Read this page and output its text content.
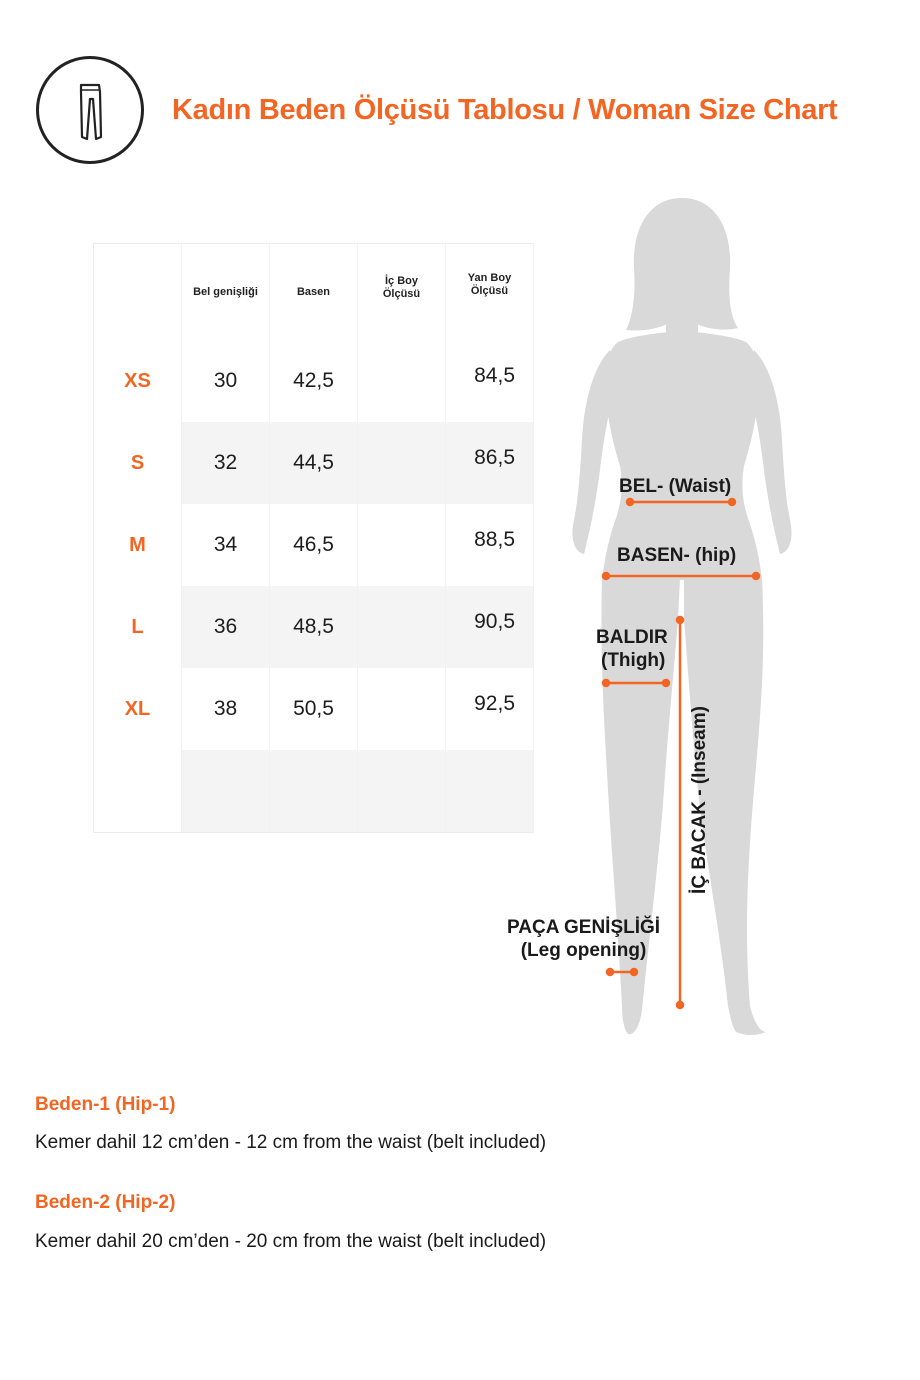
Kadın Beden Ölçüsü Tablosu / Woman Size Chart
	Bel genişliği	Basen	İç Boy Ölçüsü	Yan Boy Ölçüsü
XS	30	42,5		84,5
S	32	44,5		86,5
M	34	46,5		88,5
L	36	48,5		90,5
XL	38	50,5		92,5

BEL- (Waist)
BASEN- (hip)
BALDIR
(Thigh)
İÇ BACAK - (Inseam)
PAÇA GENİŞLİĞİ
(Leg opening)
Beden-1 (Hip-1)
Kemer dahil 12 cm’den - 12 cm from the waist (belt included)
Beden-2 (Hip-2)
Kemer dahil 20 cm’den - 20 cm from the waist (belt included)
